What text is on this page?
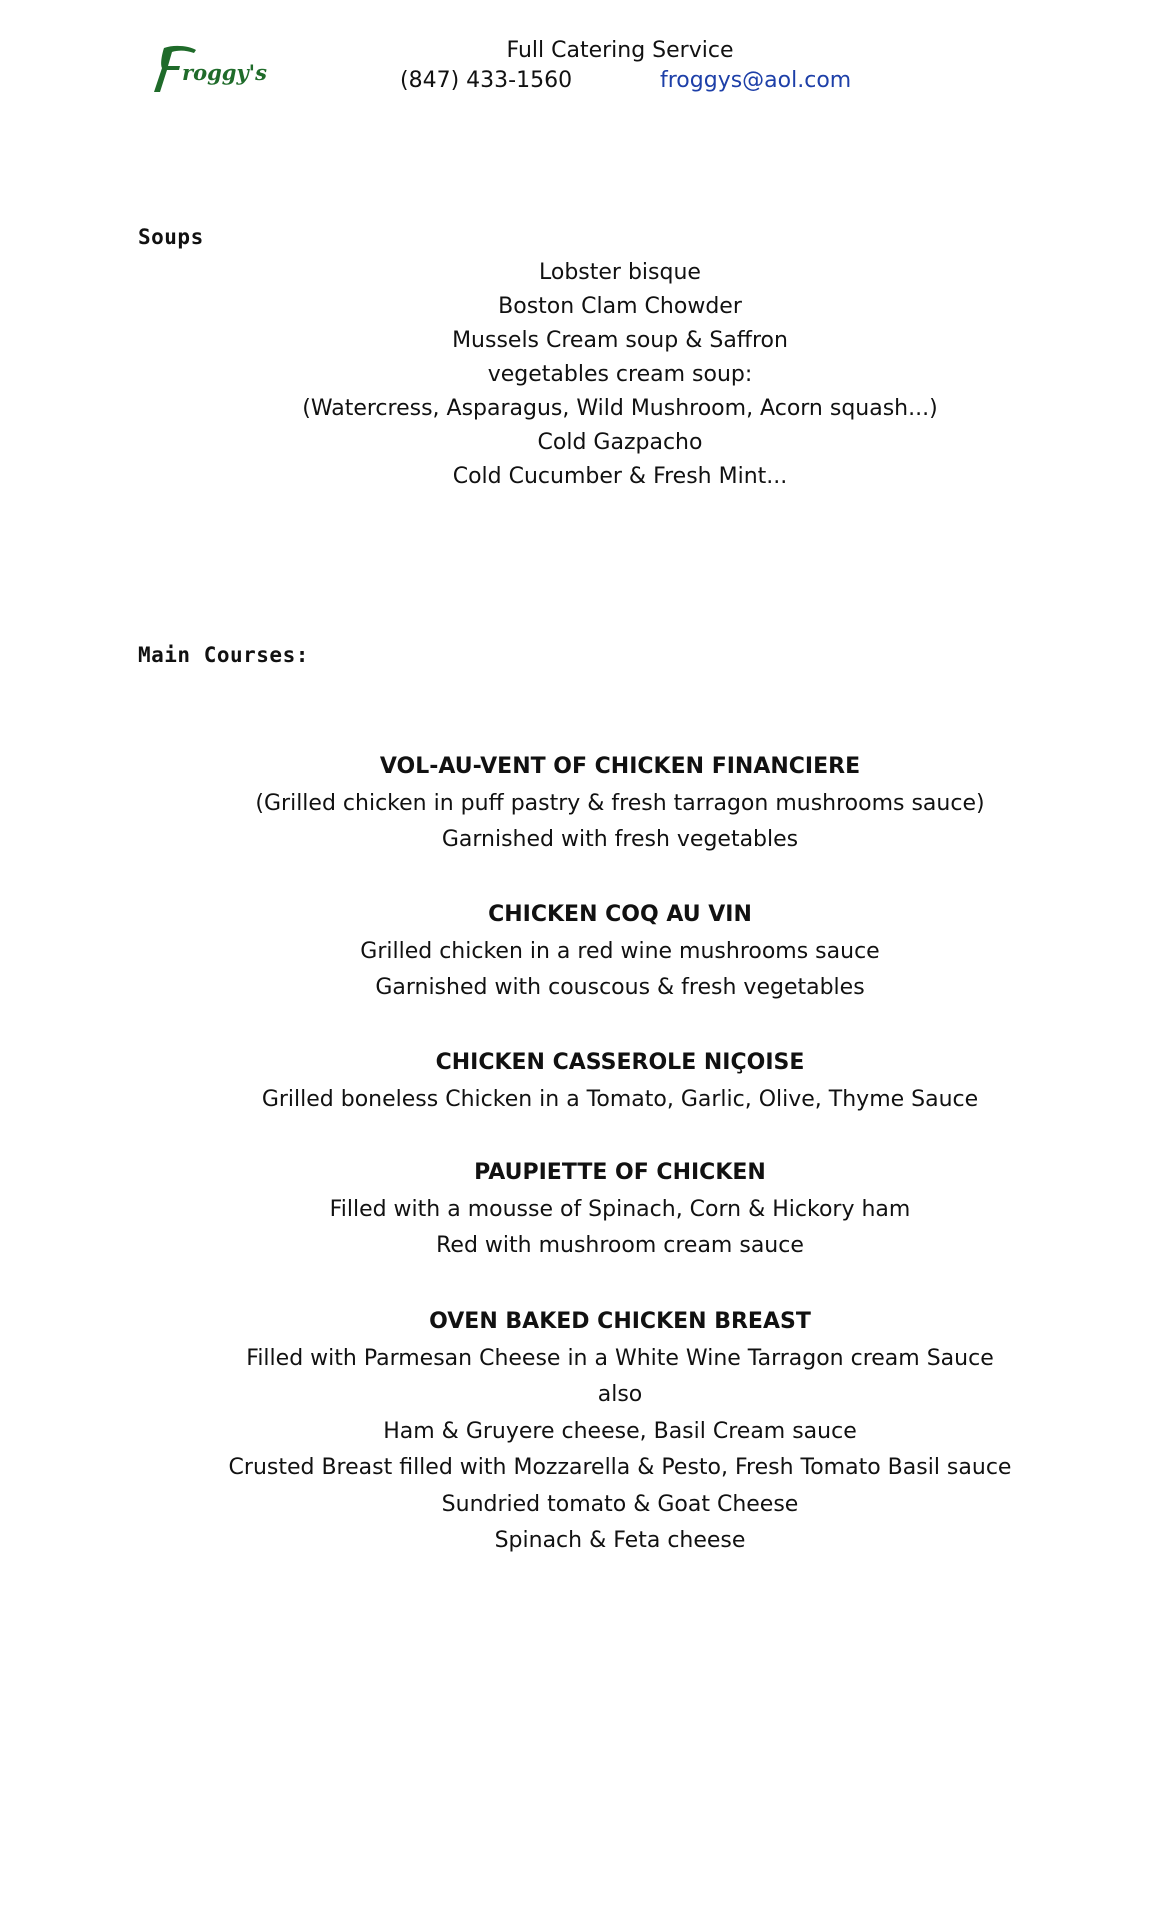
roggy's
Full Catering Service
(847) 433-1560	froggys@aol.com
Soups
Lobster bisque
Boston Clam Chowder
Mussels Cream soup & Saffron
vegetables cream soup:
(Watercress, Asparagus, Wild Mushroom, Acorn squash...)
Cold Gazpacho
Cold Cucumber & Fresh Mint...
Main Courses:
VOL-AU-VENT OF CHICKEN FINANCIERE
(Grilled chicken in puff pastry & fresh tarragon mushrooms sauce)
Garnished with fresh vegetables
CHICKEN COQ AU VIN
Grilled chicken in a red wine mushrooms sauce
Garnished with couscous & fresh vegetables
CHICKEN CASSEROLE NIÇOISE
Grilled boneless Chicken in a Tomato, Garlic, Olive, Thyme Sauce
PAUPIETTE OF CHICKEN
Filled with a mousse of Spinach, Corn & Hickory ham
Red with mushroom cream sauce
OVEN BAKED CHICKEN BREAST
Filled with Parmesan Cheese in a White Wine Tarragon cream Sauce
also
Ham & Gruyere cheese, Basil Cream sauce
Crusted Breast filled with Mozzarella & Pesto, Fresh Tomato Basil sauce
Sundried tomato & Goat Cheese
Spinach & Feta cheese
